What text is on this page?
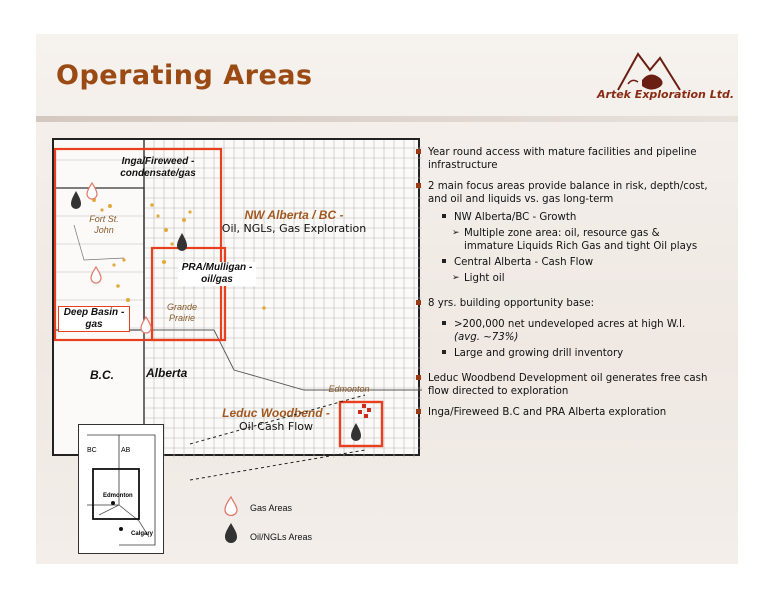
Operating Areas
Artek Exploration Ltd.
Inga/Fireweed - condensate/gas
NW Alberta / BC -
Oil, NGLs, Gas Exploration
PRA/Mulligan - oil/gas
Deep Basin - gas
Leduc Woodbend -
Oil Cash Flow
Fort St. John
Grande Prairie
Edmonton
B.C.	Alberta
BC	AB
Edmonton
Calgary
Gas Areas
Oil/NGLs Areas
Year round access with mature facilities and pipeline infrastructure
2 main focus areas provide balance in risk, depth/cost, and oil and liquids vs. gas long-term
NW Alberta/BC - Growth
➢ Multiple zone area: oil, resource gas & immature Liquids Rich Gas and tight Oil plays
Central Alberta - Cash Flow
➢ Light oil
8 yrs. building opportunity base:
>200,000 net undeveloped acres at high W.I.
(avg. ~73%)
Large and growing drill inventory
Leduc Woodbend Development oil generates free cash flow directed to exploration
Inga/Fireweed B.C and PRA Alberta exploration
